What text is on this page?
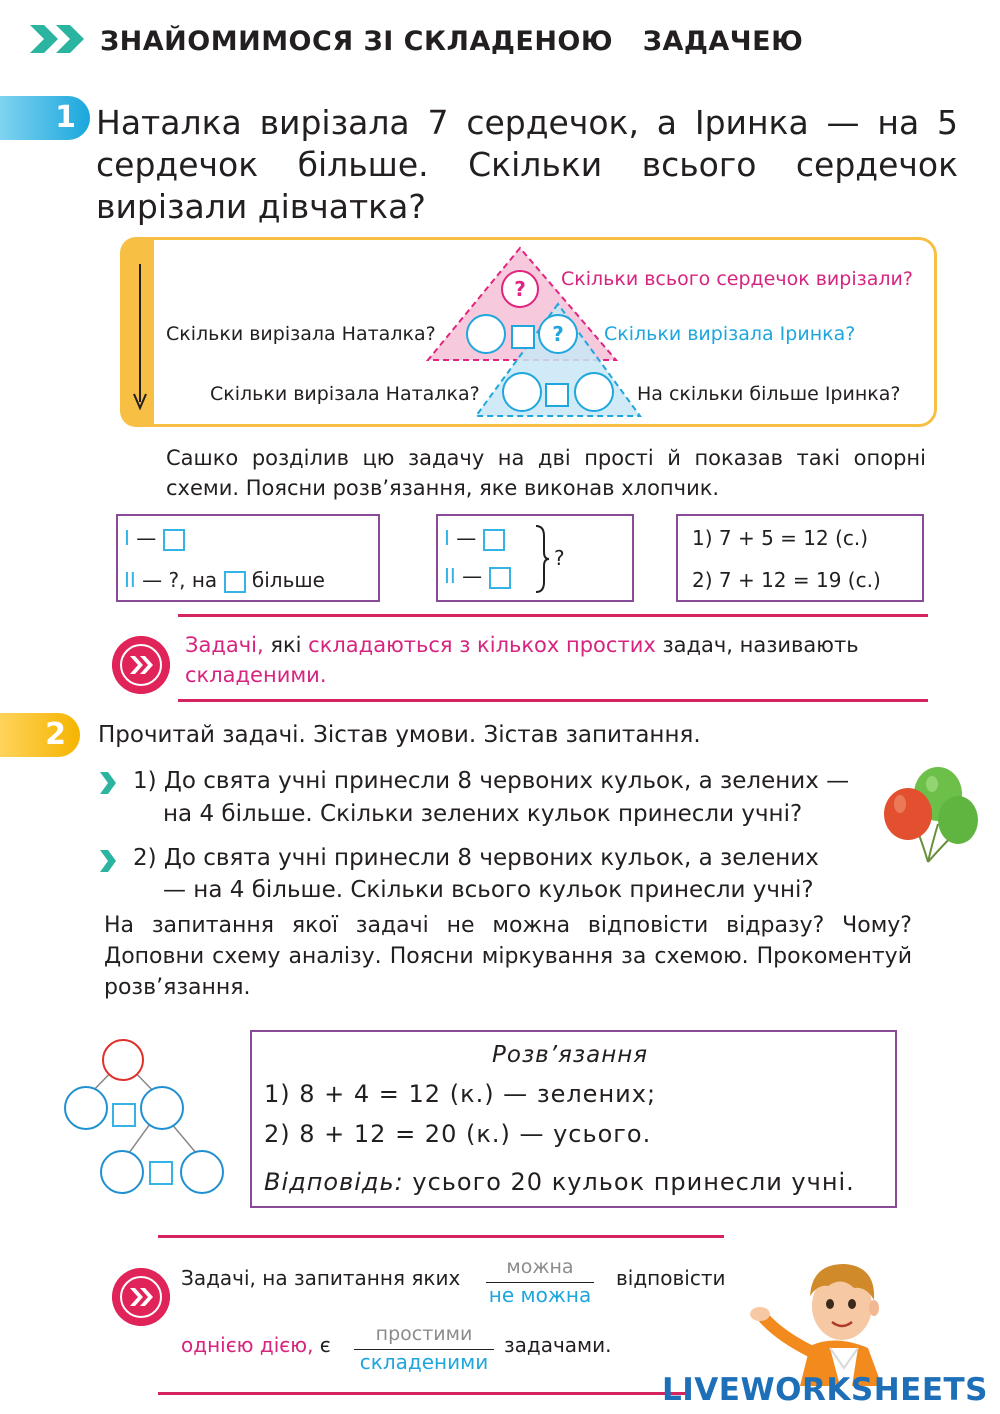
ЗНАЙОМИМОСЯ ЗІ СКЛАДЕНОЮ   ЗАДАЧЕЮ
1 Наталка вирізала 7 сердечок, а Іринка — на 5 сердечок більше. Скільки всього сердечок вирізали дівчатка?
?
?
Скільки всього сердечок вирізали?
Скільки вирізала Наталка?	Скільки вирізала Іринка?
Скільки вирізала Наталка?	На скільки більше Іринка?
Сашко розділив цю задачу на дві прості й показав такі опорні схеми. Поясни розв’язання, яке виконав хлопчик.
I —
II — ?, на більше
I —
II —
?
1) 7 + 5 = 12 (с.)
2) 7 + 12 = 19 (с.)
Задачі, які складаються з кількох простих задач, називають
складеними.
2	Прочитай задачі. Зістав умови. Зістав запитання.
1) До свята учні принесли 8 червоних кульок, а зелених —
на 4 більше. Скільки зелених кульок принесли учні?
2) До свята учні принесли 8 червоних кульок, а зелених
— на 4 більше. Скільки всього кульок принесли учні?
На запитання якої задачі не можна відповісти відразу? Чому? Доповни схему аналізу. Поясни міркування за схемою. Прокоментуй розв’язання.
Розв’язання
1) 8 + 4 = 12 (к.) — зелених;
2) 8 + 12 = 20 (к.) — усього.
Відповідь: усього 20 кульок принесли учні.
Задачі, на запитання яких	можна
не можна
відповісти
однією дією, є	простими
складеними
задачами.
LIVEWORKSHEETS
